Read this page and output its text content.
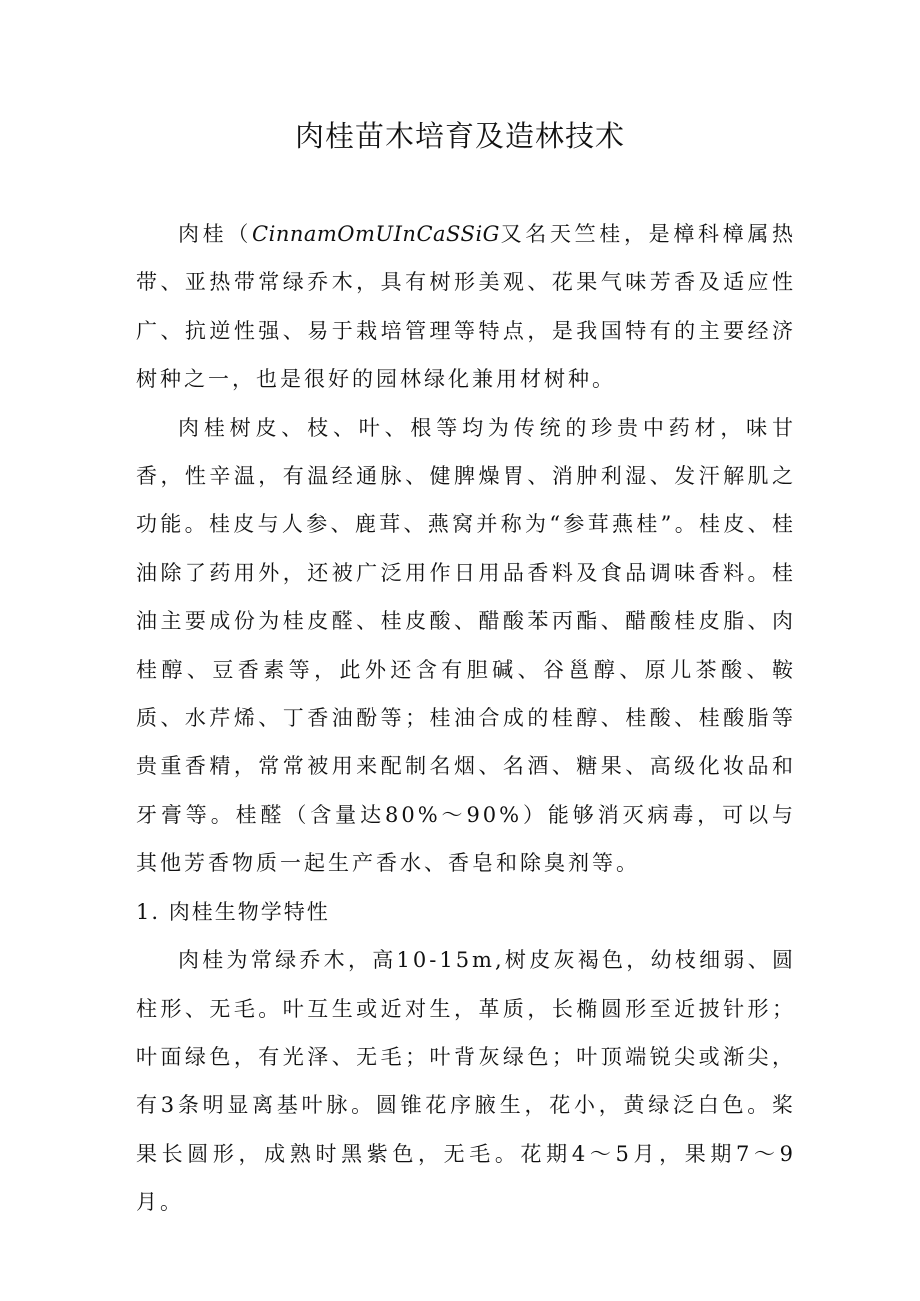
肉桂苗木培育及造林技术

肉桂（CinnamOmUInCaSSiG又名天竺桂，是樟科樟属热带、亚热带常绿乔木，具有树形美观、花果气味芳香及适应性广、抗逆性强、易于栽培管理等特点，是我国特有的主要经济树种之一，也是很好的园林绿化兼用材树种。

肉桂树皮、枝、叶、根等均为传统的珍贵中药材，味甘香，性辛温，有温经通脉、健脾燥胃、消肿利湿、发汗解肌之功能。桂皮与人参、鹿茸、燕窝并称为“参茸燕桂”。桂皮、桂油除了药用外，还被广泛用作日用品香料及食品调味香料。桂油主要成份为桂皮醛、桂皮酸、醋酸苯丙酯、醋酸桂皮脂、肉桂醇、豆香素等，此外还含有胆碱、谷邕醇、原儿茶酸、鞍质、水芹烯、丁香油酚等；桂油合成的桂醇、桂酸、桂酸脂等贵重香精，常常被用来配制名烟、名酒、糖果、高级化妆品和牙膏等。桂醛（含量达80%～90%）能够消灭病毒，可以与其他芳香物质一起生产香水、香皂和除臭剂等。

1. 肉桂生物学特性

肉桂为常绿乔木，高10-15m,树皮灰褐色，幼枝细弱、圆柱形、无毛。叶互生或近对生，革质，长椭圆形至近披针形；叶面绿色，有光泽、无毛；叶背灰绿色；叶顶端锐尖或渐尖，有3条明显离基叶脉。圆锥花序腋生，花小，黄绿泛白色。桨果长圆形，成熟时黑紫色，无毛。花期4～5月，果期7～9月。
